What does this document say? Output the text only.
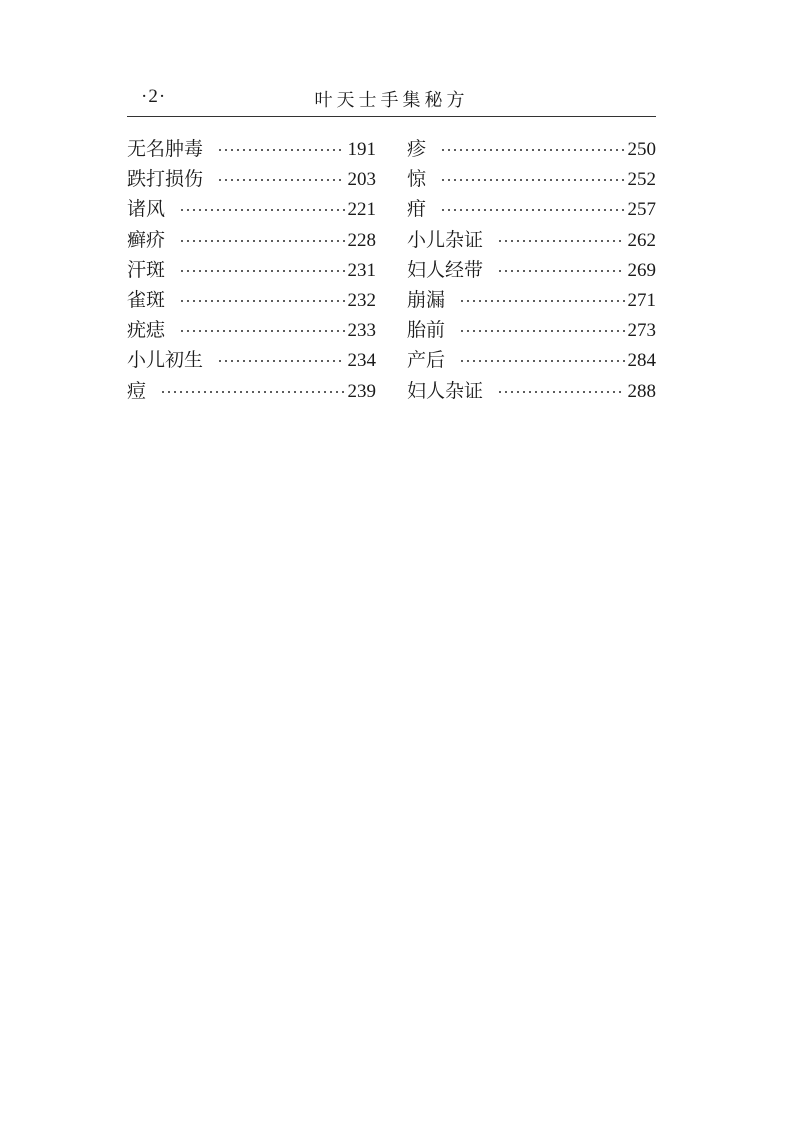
·2·	叶天士手集秘方
无名肿毒	191
跌打损伤	203
诸风	221
癣疥	228
汗斑	231
雀斑	232
疣痣	233
小儿初生	234
痘	239
疹	250
惊	252
疳	257
小儿杂证	262
妇人经带	269
崩漏	271
胎前	273
产后	284
妇人杂证	288
